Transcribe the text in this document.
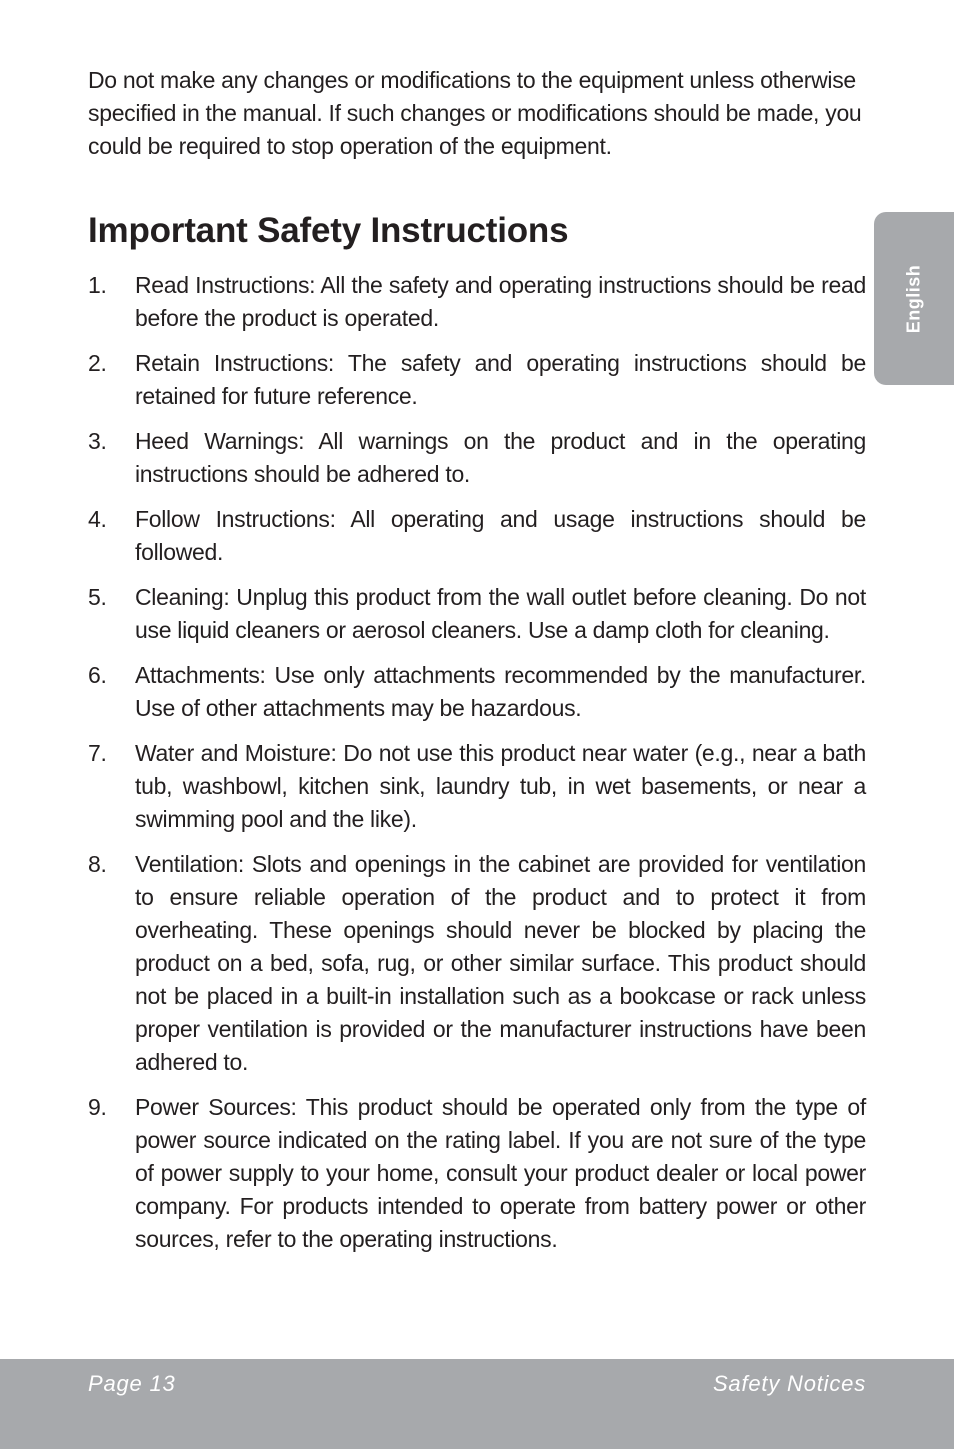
Do not make any changes or modifications to the equipment unless otherwise specified in the manual. If such changes or modifications should be made, you could be required to stop operation of the equipment.

Important Safety Instructions
1. Read Instructions: All the safety and operating instructions should be read before the product is operated.
2. Retain Instructions: The safety and operating instructions should be retained for future reference.
3. Heed Warnings: All warnings on the product and in the operating instructions should be adhered to.
4. Follow Instructions: All operating and usage instructions should be followed.
5. Cleaning: Unplug this product from the wall outlet before cleaning. Do not use liquid cleaners or aerosol cleaners. Use a damp cloth for cleaning.
6. Attachments: Use only attachments recommended by the manufacturer. Use of other attachments may be hazardous.
7. Water and Moisture: Do not use this product near water (e.g., near a bath tub, washbowl, kitchen sink, laundry tub, in wet basements, or near a swimming pool and the like).
8. Ventilation: Slots and openings in the cabinet are provided for ventilation to ensure reliable operation of the product and to protect it from overheating. These openings should never be blocked by placing the product on a bed, sofa, rug, or other similar surface. This product should not be placed in a built-in installation such as a bookcase or rack unless proper ventilation is provided or the manufacturer instructions have been adhered to.
9. Power Sources: This product should be operated only from the type of power source indicated on the rating label. If you are not sure of the type of power supply to your home, consult your product dealer or local power company. For products intended to operate from battery power or other sources, refer to the operating instructions.
English
Page 13	Safety Notices
